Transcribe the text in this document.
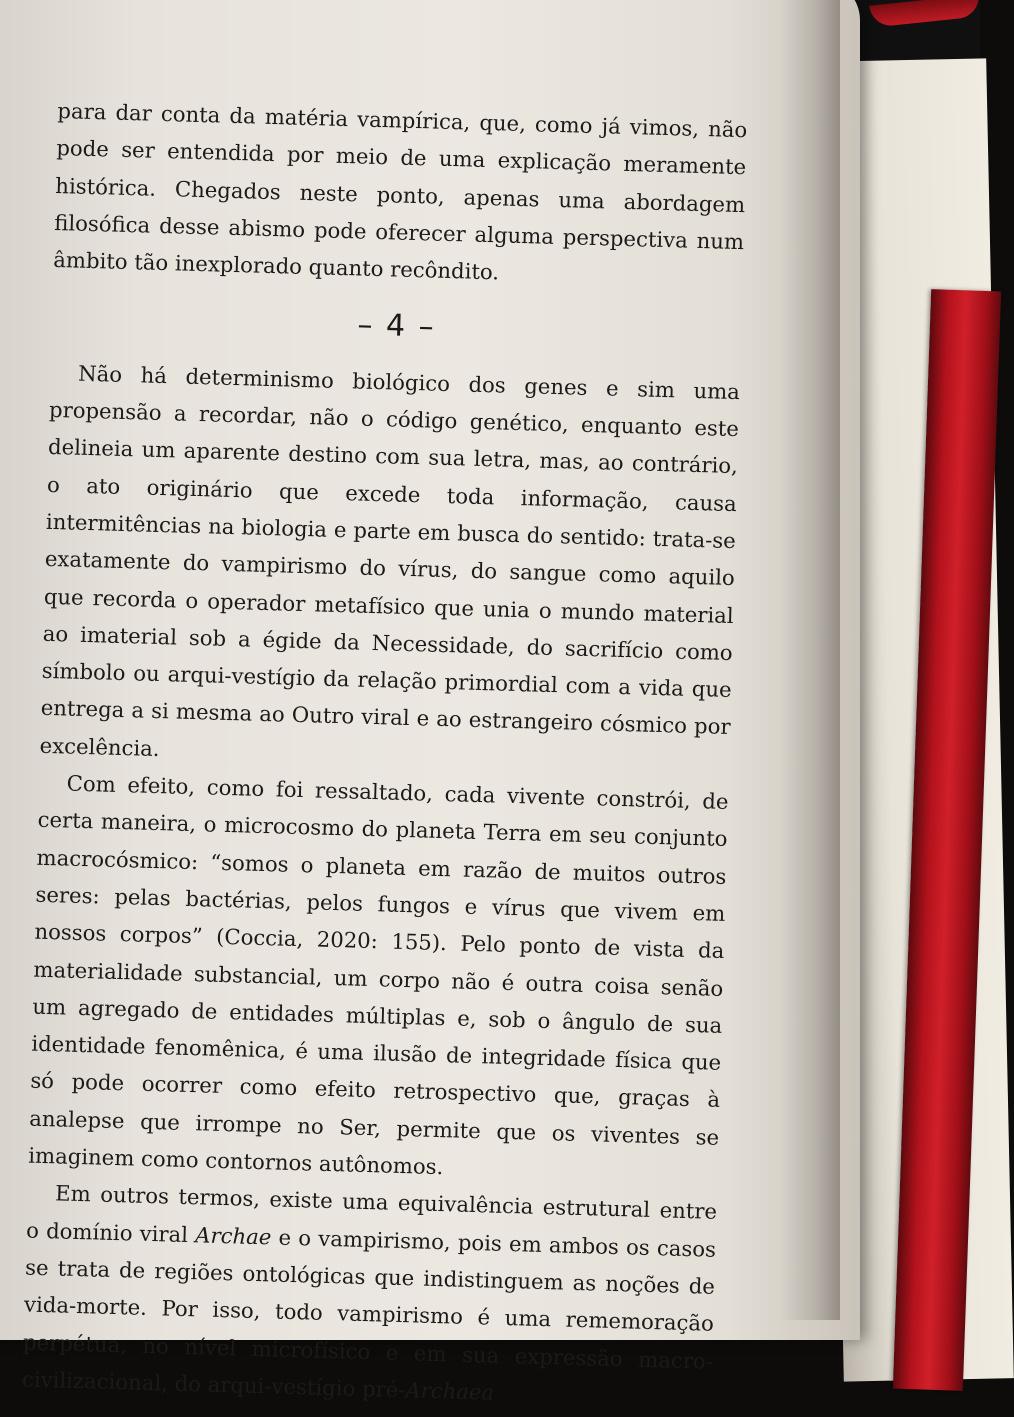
para dar conta da matéria vampírica, que, como já vimos, não pode ser entendida por meio de uma explicação meramente histórica. Chegados neste ponto, apenas uma abordagem filosófica desse abismo pode oferecer alguma perspectiva num âmbito tão inexplorado quanto recôndito.

– 4 –

Não há determinismo biológico dos genes e sim uma propensão a recordar, não o código genético, enquanto este delineia um aparente destino com sua letra, mas, ao contrário, o ato originário que excede toda informação, causa intermitências na biologia e parte em busca do sentido: trata-se exatamente do vampirismo do vírus, do sangue como aquilo que recorda o operador metafísico que unia o mundo material ao imaterial sob a égide da Necessidade, do sacrifício como símbolo ou arqui-vestígio da relação primordial com a vida que entrega a si mesma ao Outro viral e ao estrangeiro cósmico por excelência.

Com efeito, como foi ressaltado, cada vivente constrói, de certa maneira, o microcosmo do planeta Terra em seu conjunto macrocósmico: “somos o planeta em razão de muitos outros seres: pelas bactérias, pelos fungos e vírus que vivem em nossos corpos” (Coccia, 2020: 155). Pelo ponto de vista da materialidade substancial, um corpo não é outra coisa senão um agregado de entidades múltiplas e, sob o ângulo de sua identidade fenomênica, é uma ilusão de integridade física que só pode ocorrer como efeito retrospectivo que, graças à analepse que irrompe no Ser, permite que os viventes se imaginem como contornos autônomos.

Em outros termos, existe uma equivalência estrutural entre o domínio viral Archae e o vampirismo, pois em ambos os casos se trata de regiões ontológicas que indistinguem as noções de vida-morte. Por isso, todo vampirismo é uma rememoração perpétua, no nível microfísico e em sua expressão macro-civilizacional, do arqui-vestígio pré-Archaea
